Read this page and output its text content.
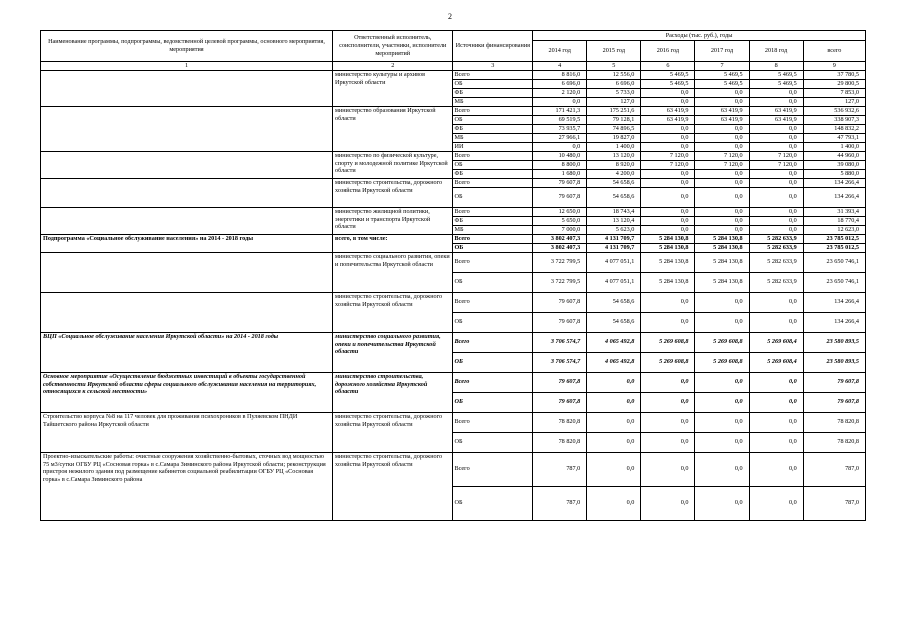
2
Наименование программы, подпрограммы, ведомственной целевой программы, основного мероприятия, мероприятия	Ответственный исполнитель, соисполнители, участники, исполнители мероприятий	Источники финансирования	Расходы (тыс. руб.), годы					
			2014 год	2015 год	2016 год	2017 год	2018 год	всего
1	2	3	4	5	6	7	8	9
	министерство культуры и архивов Иркутской области	Всего	8 816,0	12 556,0	5 469,5	5 469,5	5 469,5	37 780,5
		ОБ	6 696,0	6 696,0	5 469,5	5 469,5	5 469,5	29 800,5
		ФБ	2 120,0	5 733,0	0,0	0,0	0,0	7 853,0
		МБ	0,0	127,0	0,0	0,0	0,0	127,0
	министерство образования Иркутской области	Всего	171 421,3	175 251,6	63 419,9	63 419,9	63 419,9	536 932,6
		ОБ	69 519,5	79 128,1	63 419,9	63 419,9	63 419,9	338 907,3
		ФБ	73 935,7	74 896,5	0,0	0,0	0,0	148 832,2
		МБ	27 966,1	19 827,0	0,0	0,0	0,0	47 793,1
		ИИ	0,0	1 400,0	0,0	0,0	0,0	1 400,0
	министерство по физической культуре, спорту и молодежной политике Иркутской области	Всего	10 480,0	13 120,0	7 120,0	7 120,0	7 120,0	44 960,0
		ОБ	8 800,0	8 920,0	7 120,0	7 120,0	7 120,0	39 080,0
		ФБ	1 680,0	4 200,0	0,0	0,0	0,0	5 880,0
	министерство строительства, дорожного хозяйства Иркутской области	Всего	79 607,8	54 658,6	0,0	0,0	0,0	134 266,4
		ОБ	79 607,8	54 658,6	0,0	0,0	0,0	134 266,4
	министерство жилищной политики, энергетики и транспорта Иркутской области	Всего	12 650,0	18 743,4	0,0	0,0	0,0	31 393,4
		ФБ	5 650,0	13 120,4	0,0	0,0	0,0	18 770,4
		МБ	7 000,0	5 623,0	0,0	0,0	0,0	12 623,0
Подпрограмма «Социальное обслуживание населения» на 2014 - 2018 годы	всего, в том числе:	Всего	3 802 407,3	4 131 709,7	5 284 130,8	5 284 130,8	5 282 633,9	23 785 012,5
		ОБ	3 802 407,3	4 131 709,7	5 284 130,8	5 284 130,8	5 282 633,9	23 785 012,5
	министерство социального развития, опеки и попечительства Иркутской области	Всего	3 722 799,5	4 077 051,1	5 284 130,8	5 284 130,8	5 282 633,9	23 650 746,1
		ОБ	3 722 799,5	4 077 051,1	5 284 130,8	5 284 130,8	5 282 633,9	23 650 746,1
	министерство строительства, дорожного хозяйства Иркутской области	Всего	79 607,8	54 658,6	0,0	0,0	0,0	134 266,4
		ОБ	79 607,8	54 658,6	0,0	0,0	0,0	134 266,4
ВЦП «Социальное обслуживание населения Иркутской области» на 2014 - 2018 годы	министерство социального развития, опеки и попечительства Иркутской области	Всего	3 706 574,7	4 065 492,8	5 269 608,8	5 269 608,8	5 269 608,4	23 580 893,5
		ОБ	3 706 574,7	4 065 492,8	5 269 608,8	5 269 608,8	5 269 608,4	23 580 893,5
Основное мероприятие «Осуществление бюджетных инвестиций в объекты государственной собственности Иркутской области сферы социального обслуживания населения на территориях, относящихся к сельской местности»	министерство строительства, дорожного хозяйства Иркутской области	Всего	79 607,8	0,0	0,0	0,0	0,0	79 607,8
		ОБ	79 607,8	0,0	0,0	0,0	0,0	79 607,8
Строительство корпуса №8 на 117 человек для проживания психохроников в Пуляевском ПНДИ Тайшетского района Иркутской области	министерство строительства, дорожного хозяйства Иркутской области	Всего	78 820,8	0,0	0,0	0,0	0,0	78 820,8
		ОБ	78 820,8	0,0	0,0	0,0	0,0	78 820,8
Проектно-изыскательские работы: очистные сооружения хозяйственно-бытовых, сточных вод мощностью 75 м3/сутки ОГБУ РЦ «Сосновая горка» в с.Самара Зиминского района Иркутской области; реконструкция пристроя нежилого здания под размещение кабинетов социальной реабилитации ОГБУ РЦ «Сосновая горка» в с.Самара Зиминского района	министерство строительства, дорожного хозяйства Иркутской области	Всего	787,0	0,0	0,0	0,0	0,0	787,0
		ОБ	787,0	0,0	0,0	0,0	0,0	787,0
